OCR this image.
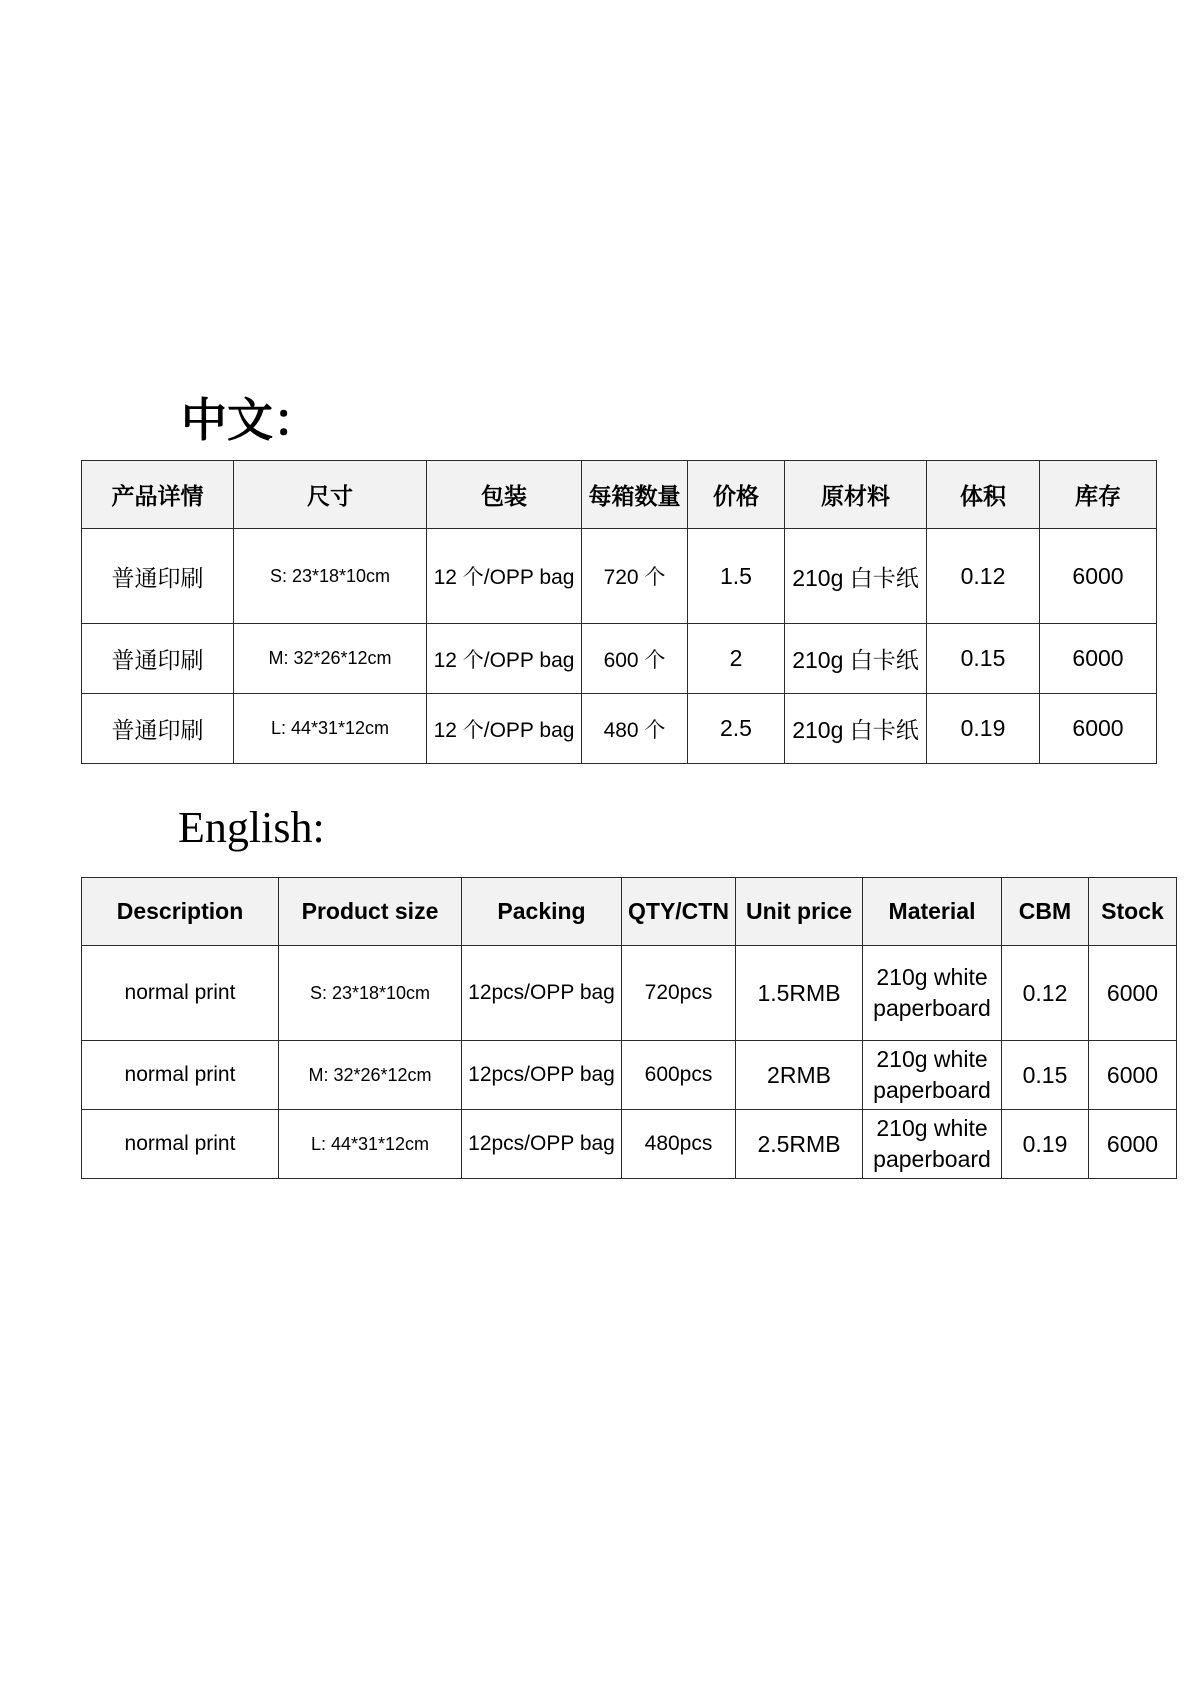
中文：
产品详情	尺寸	包装	每箱数量	价格	原材料	体积	库存
普通印刷	S: 23*18*10cm	12 个/OPP bag	720 个	1.5	210g 白卡纸	0.12	6000
普通印刷	M: 32*26*12cm	12 个/OPP bag	600 个	2	210g 白卡纸	0.15	6000
普通印刷	L: 44*31*12cm	12 个/OPP bag	480 个	2.5	210g 白卡纸	0.19	6000
English:
Description	Product size	Packing	QTY/CTN	Unit price	Material	CBM	Stock
normal print	S: 23*18*10cm	12pcs/OPP bag	720pcs	1.5RMB	210g white paperboard	0.12	6000
normal print	M: 32*26*12cm	12pcs/OPP bag	600pcs	2RMB	210g white paperboard	0.15	6000
normal print	L: 44*31*12cm	12pcs/OPP bag	480pcs	2.5RMB	210g white paperboard	0.19	6000
